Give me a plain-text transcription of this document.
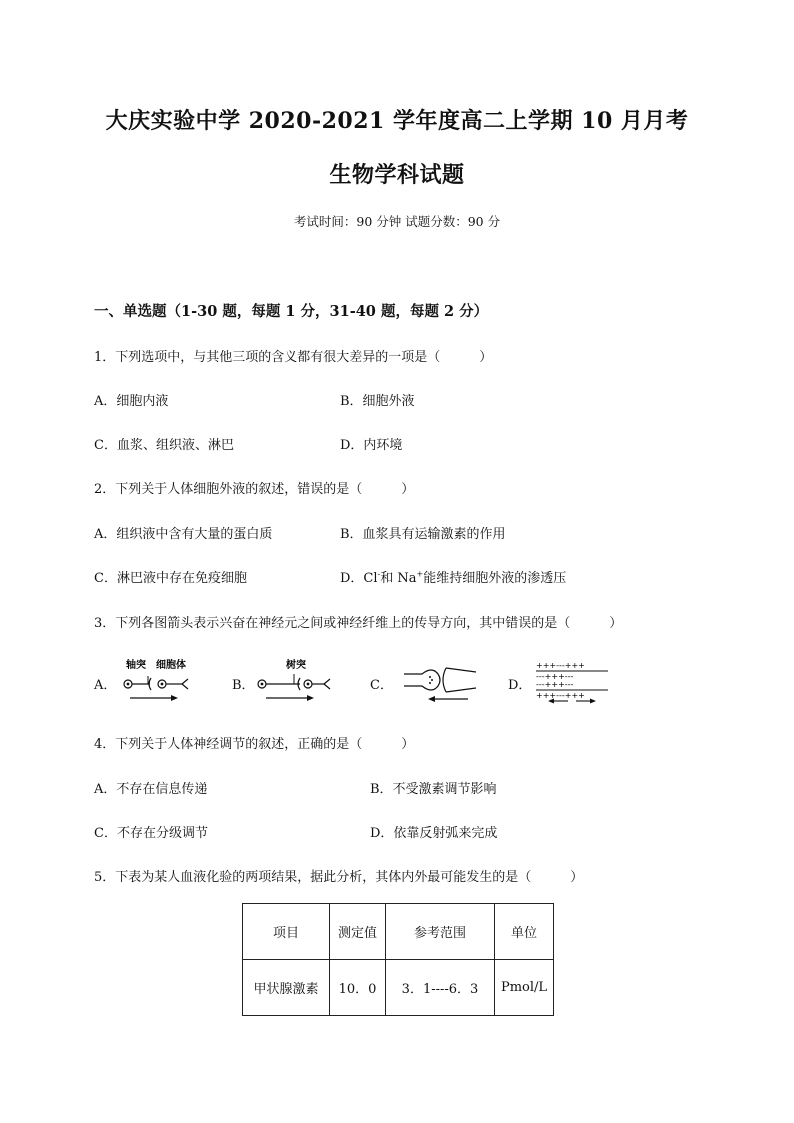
大庆实验中学 2020-2021 学年度高二上学期 10 月月考
生物学科试题
考试时间：90 分钟 试题分数：90 分
一、单选题（1-30 题，每题 1 分，31-40 题，每题 2 分）
1．下列选项中，与其他三项的含义都有很大差异的一项是（　　　）
A．细胞内液	B．细胞外液
C．血浆、组织液、淋巴	D．内环境
2．下列关于人体细胞外液的叙述，错误的是（　　　）
A．组织液中含有大量的蛋白质	B．血浆具有运输激素的作用
C．淋巴液中存在免疫细胞	D．Cl-和 Na+能维持细胞外液的渗透压
3．下列各图箭头表示兴奋在神经元之间或神经纤维上的传导方向，其中错误的是（　　　）
A．	B．	C．	D．
轴突 细胞体	树突	+++---+++
---+++---
---+++---
+++---+++
4．下列关于人体神经调节的叙述，正确的是（　　　）
A．不存在信息传递	B．不受激素调节影响
C．不存在分级调节	D．依靠反射弧来完成
5．下表为某人血液化验的两项结果，据此分析，其体内外最可能发生的是（　　　）
项目	测定值	参考范围	单位
甲状腺激素	10．0	3．1----6．3	Pmol/L
